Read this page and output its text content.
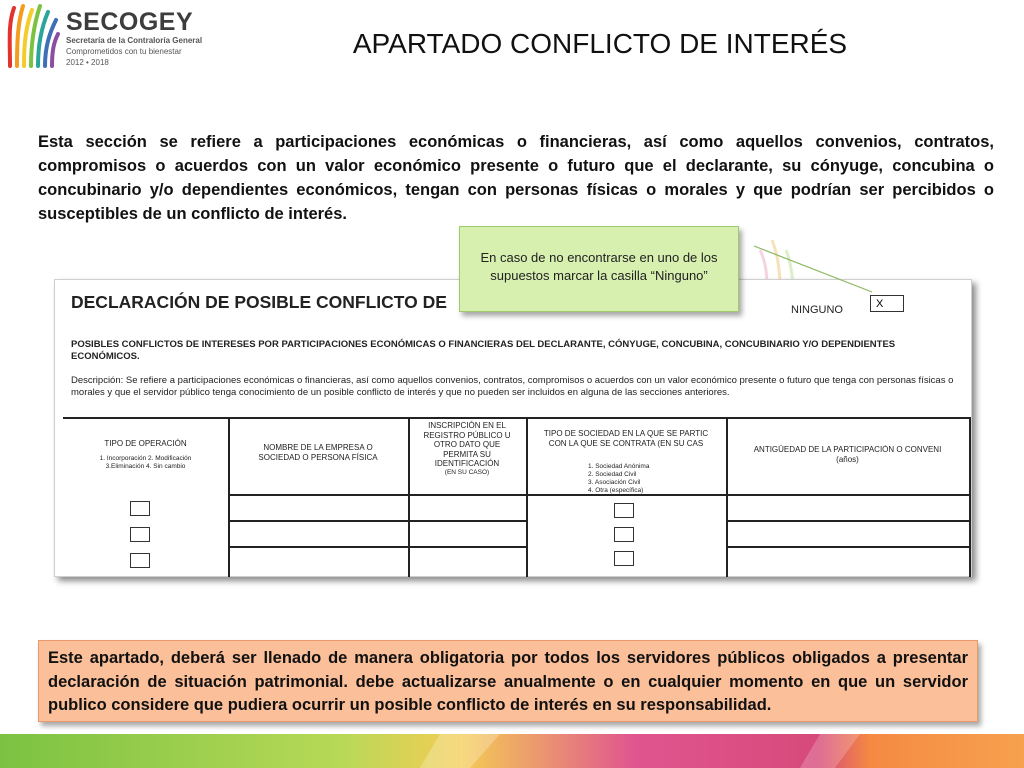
SECOGEY
Secretaría de la Contraloría General
Comprometidos con tu bienestar
2012 • 2018
APARTADO CONFLICTO DE INTERÉS
Esta sección se refiere a participaciones económicas o financieras, así como aquellos convenios, contratos, compromisos o acuerdos con un valor económico presente o futuro que el declarante, su cónyuge, concubina o concubinario y/o dependientes económicos, tengan con personas físicas o morales y que podrían ser percibidos o susceptibles de un conflicto de interés.
DECLARACIÓN DE POSIBLE CONFLICTO DE	NINGUNO	X
POSIBLES CONFLICTOS DE INTERESES POR PARTICIPACIONES ECONÓMICAS O FINANCIERAS DEL DECLARANTE, CÓNYUGE, CONCUBINA, CONCUBINARIO Y/O DEPENDIENTES ECONÓMICOS.
Descripción: Se refiere a participaciones económicas o financieras, así como aquellos convenios, contratos, compromisos o acuerdos con un valor económico presente o futuro que tenga con personas físicas o morales y que el servidor público tenga conocimiento de un posible conflicto de interés y que no pueden ser incluidos en alguna de las secciones anteriores.
TIPO DE OPERACIÓN
1. Incorporación 2. Modificación
3.Eliminación 4. Sin cambio
NOMBRE DE LA EMPRESA O
SOCIEDAD O PERSONA FÍSICA
INSCRIPCIÓN EN EL
REGISTRO PÚBLICO U
OTRO DATO QUE
PERMITA SU
IDENTIFICACIÓN
(EN SU CASO)
TIPO DE SOCIEDAD EN LA QUE SE PARTIC
CON LA QUE SE CONTRATA (EN SU CAS
1. Sociedad Anónima
2. Sociedad Civil
3. Asociación Civil
4. Otra (específica)
ANTIGÜEDAD DE LA PARTICIPACIÓN O CONVENI
(años)
En caso de no encontrarse en uno de los supuestos marcar la casilla “Ninguno”
Este apartado, deberá ser llenado de manera obligatoria por todos los servidores públicos obligados a presentar declaración de situación patrimonial. debe actualizarse anualmente o en cualquier momento en que un servidor publico considere que pudiera ocurrir un posible conflicto de interés en su responsabilidad.
